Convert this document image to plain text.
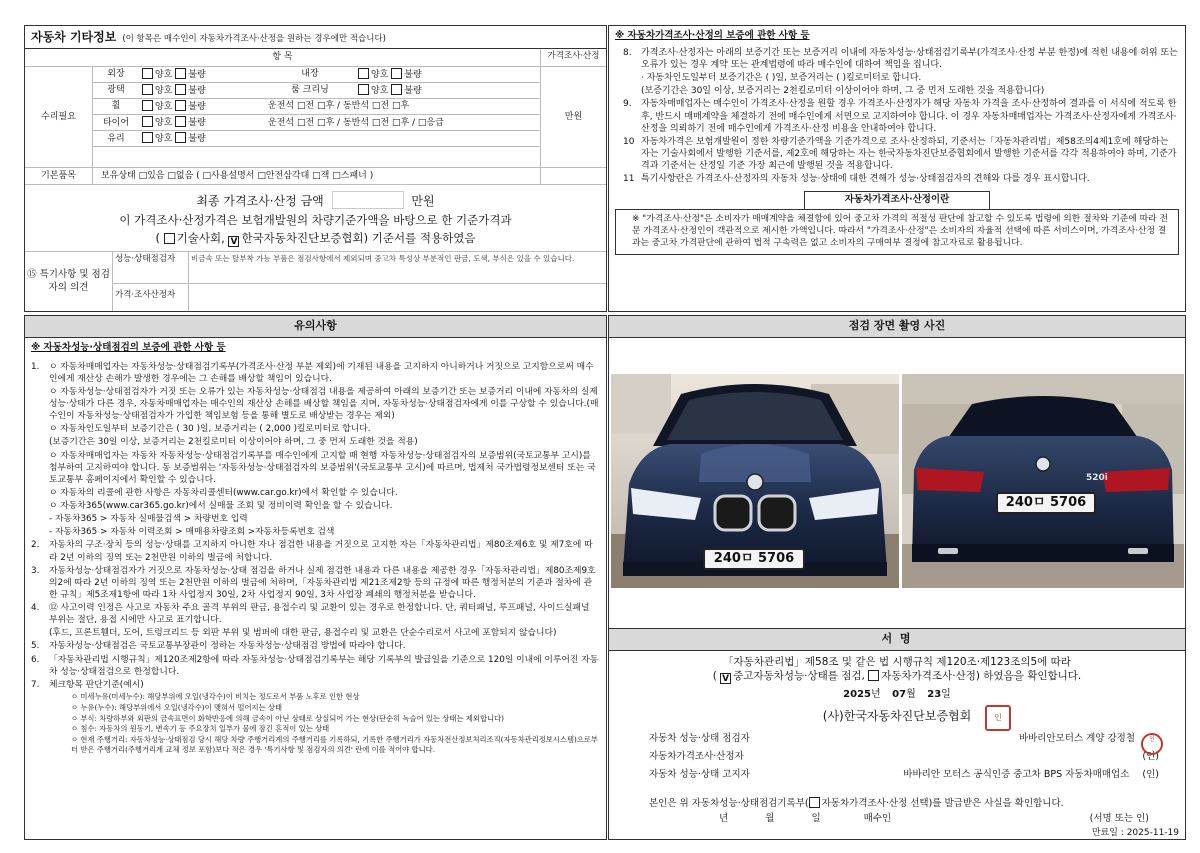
자동차 기타정보 (이 항목은 매수인이 자동차가격조사·산정을 원하는 경우에만 적습니다)
항 목	가격조사·산정
수리필요
외장	양호 불량	내장	양호 불량
광택	양호 불량	룸 크리닝	양호 불량
휠	양호 불량	운전석 □전 □후 / 동반석 □전 □후	
타이어	양호 불량	운전석 □전 □후 / 동반석 □전 □후 / □응급	
유리	양호 불량		
만원
기본품목	보유상태 □있음 □없음 ( □사용설명서 □안전삼각대 □잭 □스패너 )
최종 가격조사·산정 금액	만원
이 가격조사·산정가격은 보험개발원의 차량기준가액을 바탕으로 한 기준가격과
( 기술사회, V 한국자동차진단보증협회) 기준서를 적용하였음
⑮ 특기사항 및 점검자의 의견
성능·상태점검자	비금속 또는 탈부착 가능 부품은 점검사항에서 제외되며 중고차 특성상 부분적인 판금, 도색, 부식은 있을 수 있습니다.
가격·조사산정자
※ 자동차가격조사·산정의 보증에 관한 사항 등
8.	가격조사·산정자는 아래의 보증기간 또는 보증거리 이내에 자동차성능·상태점검기록부(가격조사·산정 부분 한정)에 적힌 내용에 허위 또는 오류가 있는 경우 계약 또는 관계법령에 따라 매수인에 대하여 책임을 집니다.
· 자동차인도일부터 보증기간은 ( )일, 보증거리는 ( )킬로미터로 합니다.
(보증기간은 30일 이상, 보증거리는 2천킬로미터 이상이어야 하며, 그 중 먼저 도래한 것을 적용합니다)
9.	자동차매매업자는 매수인이 가격조사·산정을 원할 경우 가격조사·산정자가 해당 자동차 가격을 조사·산정하여 결과를 이 서식에 적도록 한 후, 반드시 매매계약을 체결하기 전에 매수인에게 서면으로 고지하여야 합니다. 이 경우 자동차매매업자는 가격조사·산정자에게 가격조사·산정을 의뢰하기 전에 매수인에게 가격조사·산정 비용을 안내하여야 합니다.
10 자동차가격은 보험개발원이 정한 차량기준가액을 기준가격으로 조사·산정하되, 기준서는「자동차관리법」제58조의4제1호에 해당하는 자는 기술사회에서 발행한 기준서를, 제2호에 해당하는 자는 한국자동차진단보증협회에서 발행한 기준서를 각각 적용하여야 하며, 기준가격과 기준서는 산정일 기준 가장 최근에 발행된 것을 적용합니다.
11 특기사항란은 가격조사·산정자의 자동차 성능·상태에 대한 견해가 성능·상태점검자의 견해와 다를 경우 표시합니다.
자동차가격조사·산정이란
※ "가격조사·산정"은 소비자가 매매계약을 체결함에 있어 중고차 가격의 적절성 판단에 참고할 수 있도록 법령에 의한 절차와 기준에 따라 전문 가격조사·산정인이 객관적으로 제시한 가액입니다. 따라서 "가격조사·산정"은 소비자의 자율적 선택에 따른 서비스이며, 가격조사·산정 결과는 중고차 가격판단에 관하여 법적 구속력은 없고 소비자의 구매여부 결정에 참고자료로 활용됩니다.
유의사항
※ 자동차성능·상태점검의 보증에 관한 사항 등
1.	ㅇ 자동차매매업자는 자동차성능·상태점검기록부(가격조사·산정 부분 제외)에 기재된 내용을 고지하지 아니하거나 거짓으로 고지함으로써 매수인에게 재산상 손해가 발생한 경우에는 그 손해를 배상할 책임이 있습니다.
ㅇ 자동차성능·상태점검자가 거짓 또는 오류가 있는 자동차성능·상태점검 내용을 제공하여 아래의 보증기간 또는 보증거리 이내에 자동차의 실제 성능·상태가 다른 경우, 자동차매매업자는 매수인의 재산상 손해를 배상할 책임을 지며, 자동차성능·상태점검자에게 이를 구상할 수 있습니다.(매수인이 자동차성능·상태점검자가 가입한 책임보험 등을 통해 별도로 배상받는 경우는 제외)
ㅇ 자동차인도일부터 보증기간은 ( 30 )일, 보증거리는 ( 2,000 )킬로미터로 합니다.
(보증기간은 30일 이상, 보증거리는 2천킬로미터 이상이어야 하며, 그 중 먼저 도래한 것을 적용)
ㅇ 자동차매매업자는 자동차 자동차성능·상태점검기록부를 매수인에게 고지할 때 현행 자동차성능·상태점검자의 보증범위(국토교통부 고시)를 첨부하여 고지하여야 합니다. 동 보증범위는 '자동차성능·상태점검자의 보증범위'(국토교통부 고시)에 따르며, 법제처 국가법령정보센터 또는 국토교통부 홈페이지에서 확인할 수 있습니다.
ㅇ 자동차의 리콜에 관한 사항은 자동차리콜센터(www.car.go.kr)에서 확인할 수 있습니다.
ㅇ 자동차365(www.car365.go.kr)에서 실매물 조회 및 정비이력 확인을 할 수 있습니다.
- 자동차365 > 자동차 실매물검색 > 차량번호 입력
- 자동차365 > 자동차 이력조회 > 매매용차량조회 >자동차등록번호 검색
2.	자동차의 구조·장치 등의 성능·상태를 고지하지 아니한 자나 점검한 내용을 거짓으로 고지한 자는「자동차관리법」제80조제6호 및 제7호에 따라 2년 이하의 징역 또는 2천만원 이하의 벌금에 처합니다.
3.	자동차성능·상태점검자가 거짓으로 자동차성능·상태 점검을 하거나 실제 점검한 내용과 다른 내용을 제공한 경우「자동차관리법」제80조제9호의2에 따라 2년 이하의 징역 또는 2천만원 이하의 벌금에 처하며,「자동차관리법 제21조제2항 등의 규정에 따른 행정처분의 기준과 절차에 관한 규칙」제5조제1항에 따라 1차 사업정지 30일, 2차 사업정지 90일, 3차 사업장 폐쇄의 행정처분을 받습니다.
4.	⑫ 사고이력 인정은 사고로 자동차 주요 골격 부위의 판금, 용접수리 및 교환이 있는 경우로 한정합니다. 단, 쿼터패널, 루프패널, 사이드실패널 부위는 절단, 용접 시에만 사고로 표기합니다.
(후드, 프론트휀더, 도어, 트렁크리드 등 외판 부위 및 범퍼에 대한 판금, 용접수리 및 교환은 단순수리로서 사고에 포함되지 않습니다)
5.	자동차성능·상태점검은 국토교통부장관이 정하는 자동차성능·상태점검 방법에 따라야 합니다.
6.	「자동차관리법 시행규칙」제120조제2항에 따라 자동차성능·상태점검기록부는 해당 기록부의 발급일을 기준으로 120일 이내에 이루어진 자동차 성능·상태점검으로 한정합니다.
7.	체크항목 판단기준(예시)
ㅇ 미세누유(미세누수): 해당부위에 오일(냉각수)이 비치는 정도로서 부품 노후로 인한 현상
ㅇ 누유(누수): 해당부위에서 오일(냉각수)이 맺혀서 떨어지는 상태
ㅇ 부식: 차량하부와 외판의 금속표면이 화학반응에 의해 금속이 아닌 상태로 상실되어 가는 현상(단순히 녹슬어 있는 상태는 제외합니다)
ㅇ 침수: 자동차의 원동기, 변속기 등 주요장치 일부가 물에 잠긴 흔적이 있는 상태
ㅇ 현재 주행거리: 자동차성능·상태점검 당시 해당 차량 주행거리계의 주행거리를 기록하되, 기록한 주행거리가 자동차전산정보처리조직(자동차관리정보시스템)으로부터 받은 주행거리(주행거리계 교체 정보 포함)보다 적은 경우 '특기사항 및 점검자의 의견' 란에 이를 적어야 합니다.
점검 장면 촬영 사진
240ㅁ 5706
520i
240ㅁ 5706
서 명
「자동차관리법」제58조 및 같은 법 시행규칙 제120조·제123조의5에 따라
( V 중고자동차성능·상태를 점검, 자동차가격조사·산정) 하였음을 확인합니다.
2025년 07월 23일
(사)한국자동차진단보증협회	인
자동차 성능·상태 점검자	바바리안모터스 계양 강정철
자동차가격조사·산정자	(인)
자동차 성능·상태 고지자	바바리안 모터스 공식인증 중고차 BPS 자동차매매업소 (인)
인
본인은 위 자동차성능·상태점검기록부( 자동차가격조사·산정 선택)를 발급받은 사실을 확인합니다.
년	월	일	매수인	(서명 또는 인)
만료일 : 2025-11-19
